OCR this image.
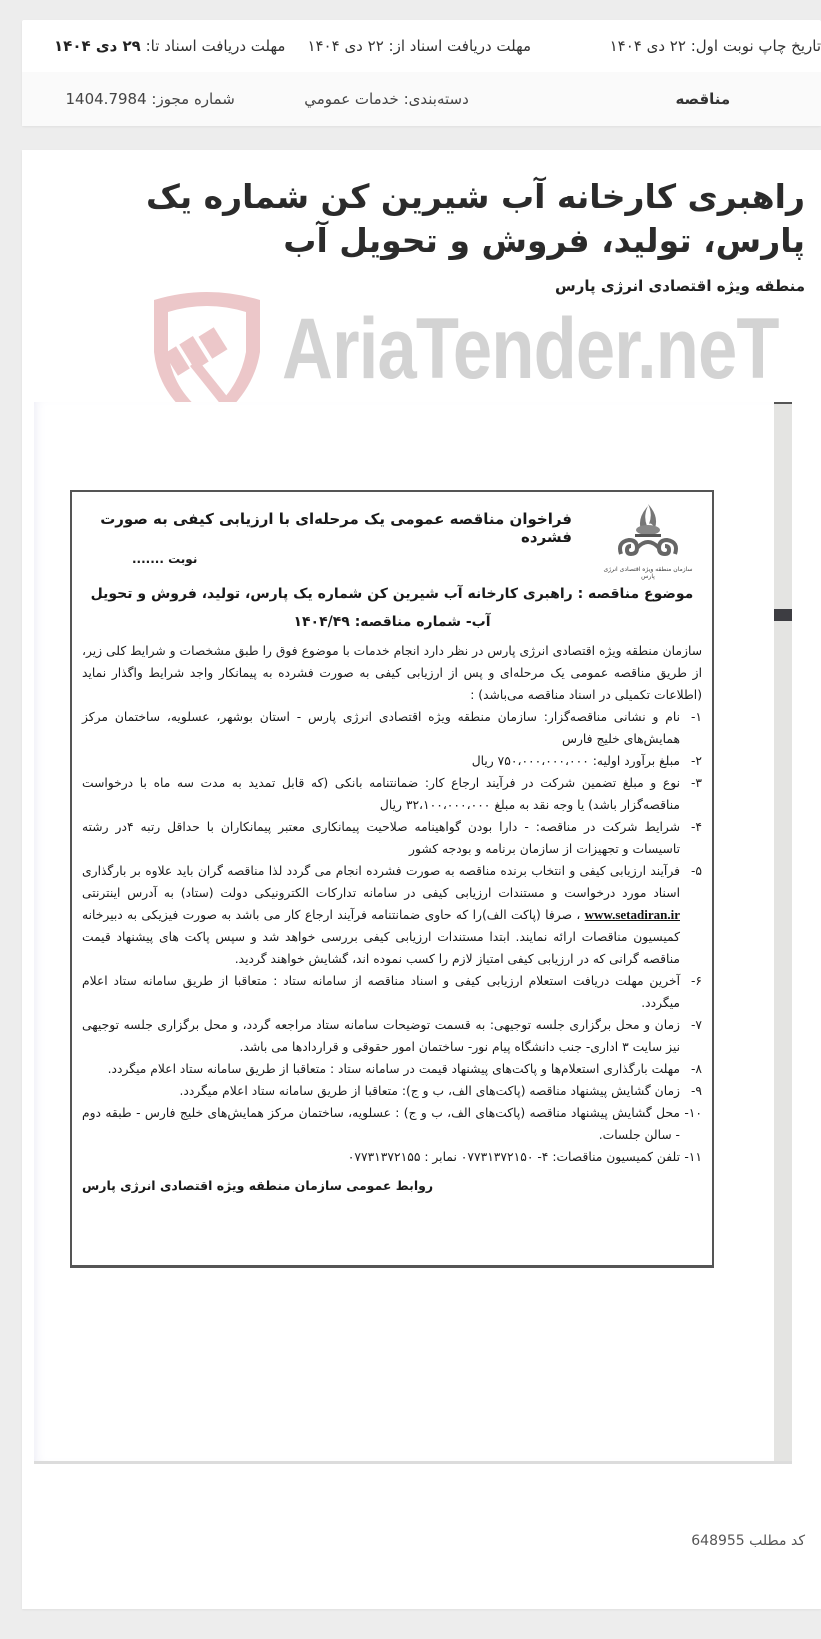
تاریخ چاپ نوبت اول: ۲۲ دی ۱۴۰۴
مهلت دریافت اسناد از: ۲۲ دی ۱۴۰۴
مهلت دریافت اسناد تا: ۲۹ دی ۱۴۰۴
مناقصه
دسته‌بندی: خدمات عمومي
شماره مجوز: 1404.7984
راهبری کارخانه آب شیرین کن شماره یک پارس، تولید، فروش و تحویل آب
منطقه ویژه اقتصادی انرژی پارس
AriaTender.neT
سازمان منطقه ویژه اقتصادی انرژی پارس
فراخوان مناقصه عمومی یک مرحله‌ای با ارزیابی کیفی به صورت فشرده
نوبت .......
موضوع مناقصه : راهبری کارخانه آب شیرین کن شماره یک پارس، تولید، فروش و تحویل آب- شماره مناقصه: ۱۴۰۴/۴۹

سازمان منطقه ویژه اقتصادی انرژی پارس در نظر دارد انجام خدمات با موضوع فوق را طبق مشخصات و شرایط کلی زیر، از طریق مناقصه عمومی یک مرحله‌ای و پس از ارزیابی کیفی به صورت فشرده به پیمانکار واجد شرایط واگذار نماید (اطلاعات تکمیلی در اسناد مناقصه می‌باشد) :

۱-
نام و نشانی مناقصه‌گزار: سازمان منطقه ویژه اقتصادی انرژی پارس - استان بوشهر، عسلویه، ساختمان مرکز همایش‌های خلیج فارس
۲-
مبلغ برآورد اولیه: ۷۵۰،۰۰۰،۰۰۰،۰۰۰ ریال
۳-
نوع و مبلغ تضمین شرکت در فرآیند ارجاع کار: ضمانتنامه بانکی (که قابل تمدید به مدت سه ماه با درخواست مناقصه‌گزار باشد) یا وجه نقد به مبلغ ۳۲،۱۰۰،۰۰۰،۰۰۰ ریال
۴-
شرایط شرکت در مناقصه: - دارا بودن گواهینامه صلاحیت پیمانکاری معتبر پیمانکاران با حداقل رتبه ۴در رشته تاسیسات و تجهیزات از سازمان برنامه و بودجه کشور
۵-
فرآیند ارزیابی کیفی و انتخاب برنده مناقصه به صورت فشرده انجام می گردد لذا مناقصه گران باید علاوه بر بارگذاری اسناد مورد درخواست و مستندات ارزیابی کیفی در سامانه تدارکات الکترونیکی دولت (ستاد) به آدرس اینترنتی www.setadiran.ir ، صرفا (پاکت الف)را که حاوی ضمانتنامه فرآیند ارجاع کار می باشد به صورت فیزیکی به دبیرخانه کمیسیون مناقصات ارائه نمایند. ابتدا مستندات ارزیابی کیفی بررسی خواهد شد و سپس پاکت های پیشنهاد قیمت مناقصه گرانی که در ارزیابی کیفی امتیاز لازم را کسب نموده اند، گشایش خواهند گردید.
۶-
آخرین مهلت دریافت استعلام ارزیابی کیفی و اسناد مناقصه از سامانه ستاد : متعاقبا از طریق سامانه ستاد اعلام میگردد.
۷-
زمان و محل برگزاری جلسه توجیهی: به قسمت توضیحات سامانه ستاد مراجعه گردد، و محل برگزاری جلسه توجیهی نیز سایت ۳ اداری- جنب دانشگاه پیام نور- ساختمان امور حقوقی و قراردادها می باشد.
۸-
مهلت بارگذاری استعلام‌ها و پاکت‌های پیشنهاد قیمت در سامانه ستاد : متعاقبا از طریق سامانه ستاد اعلام میگردد.
۹-
زمان گشایش پیشنهاد مناقصه (پاکت‌های الف، ب و ج): متعاقبا از طریق سامانه ستاد اعلام میگردد.
۱۰-
محل گشایش پیشنهاد مناقصه (پاکت‌های الف، ب و ج) : عسلویه، ساختمان مرکز همایش‌های خلیج فارس - طبقه دوم - سالن جلسات.
۱۱-
تلفن کمیسیون مناقصات: ۴- ۰۷۷۳۱۳۷۲۱۵۰ نمابر : ۰۷۷۳۱۳۷۲۱۵۵
روابط عمومی سازمان منطقه ویژه اقتصادی انرژی پارس
کد مطلب 648955
